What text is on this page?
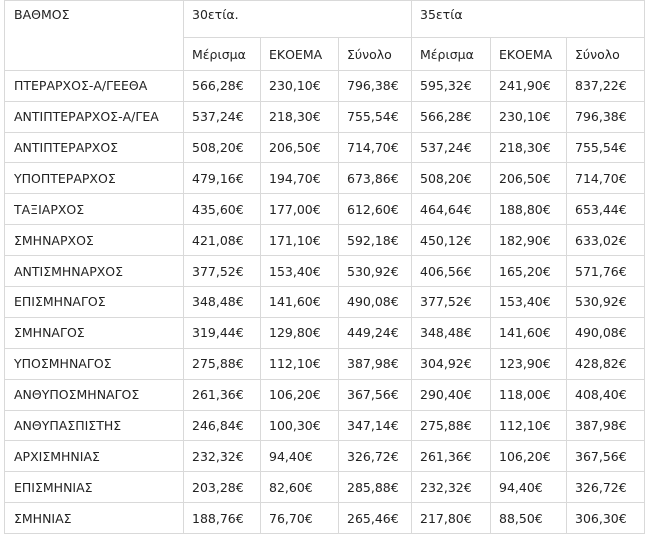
ΒΑΘΜΟΣ	30ετία.			35ετία		
	Μέρισμα	ΕΚΟΕΜΑ	Σύνολο	Μέρισμα	ΕΚΟΕΜΑ	Σύνολο
ΠΤΕΡΑΡΧΟΣ-Α/ΓΕΕΘΑ	566,28€	230,10€	796,38€	595,32€	241,90€	837,22€
ΑΝΤΙΠΤΕΡΑΡΧΟΣ-Α/ΓΕΑ	537,24€	218,30€	755,54€	566,28€	230,10€	796,38€
ΑΝΤΙΠΤΕΡΑΡΧΟΣ	508,20€	206,50€	714,70€	537,24€	218,30€	755,54€
ΥΠΟΠΤΕΡΑΡΧΟΣ	479,16€	194,70€	673,86€	508,20€	206,50€	714,70€
ΤΑΞΙΑΡΧΟΣ	435,60€	177,00€	612,60€	464,64€	188,80€	653,44€
ΣΜΗΝΑΡΧΟΣ	421,08€	171,10€	592,18€	450,12€	182,90€	633,02€
ΑΝΤΙΣΜΗΝΑΡΧΟΣ	377,52€	153,40€	530,92€	406,56€	165,20€	571,76€
ΕΠΙΣΜΗΝΑΓΟΣ	348,48€	141,60€	490,08€	377,52€	153,40€	530,92€
ΣΜΗΝΑΓΟΣ	319,44€	129,80€	449,24€	348,48€	141,60€	490,08€
ΥΠΟΣΜΗΝΑΓΟΣ	275,88€	112,10€	387,98€	304,92€	123,90€	428,82€
ΑΝΘΥΠΟΣΜΗΝΑΓΟΣ	261,36€	106,20€	367,56€	290,40€	118,00€	408,40€
ΑΝΘΥΠΑΣΠΙΣΤΗΣ	246,84€	100,30€	347,14€	275,88€	112,10€	387,98€
ΑΡΧΙΣΜΗΝΙΑΣ	232,32€	94,40€	326,72€	261,36€	106,20€	367,56€
ΕΠΙΣΜΗΝΙΑΣ	203,28€	82,60€	285,88€	232,32€	94,40€	326,72€
ΣΜΗΝΙΑΣ	188,76€	76,70€	265,46€	217,80€	88,50€	306,30€
